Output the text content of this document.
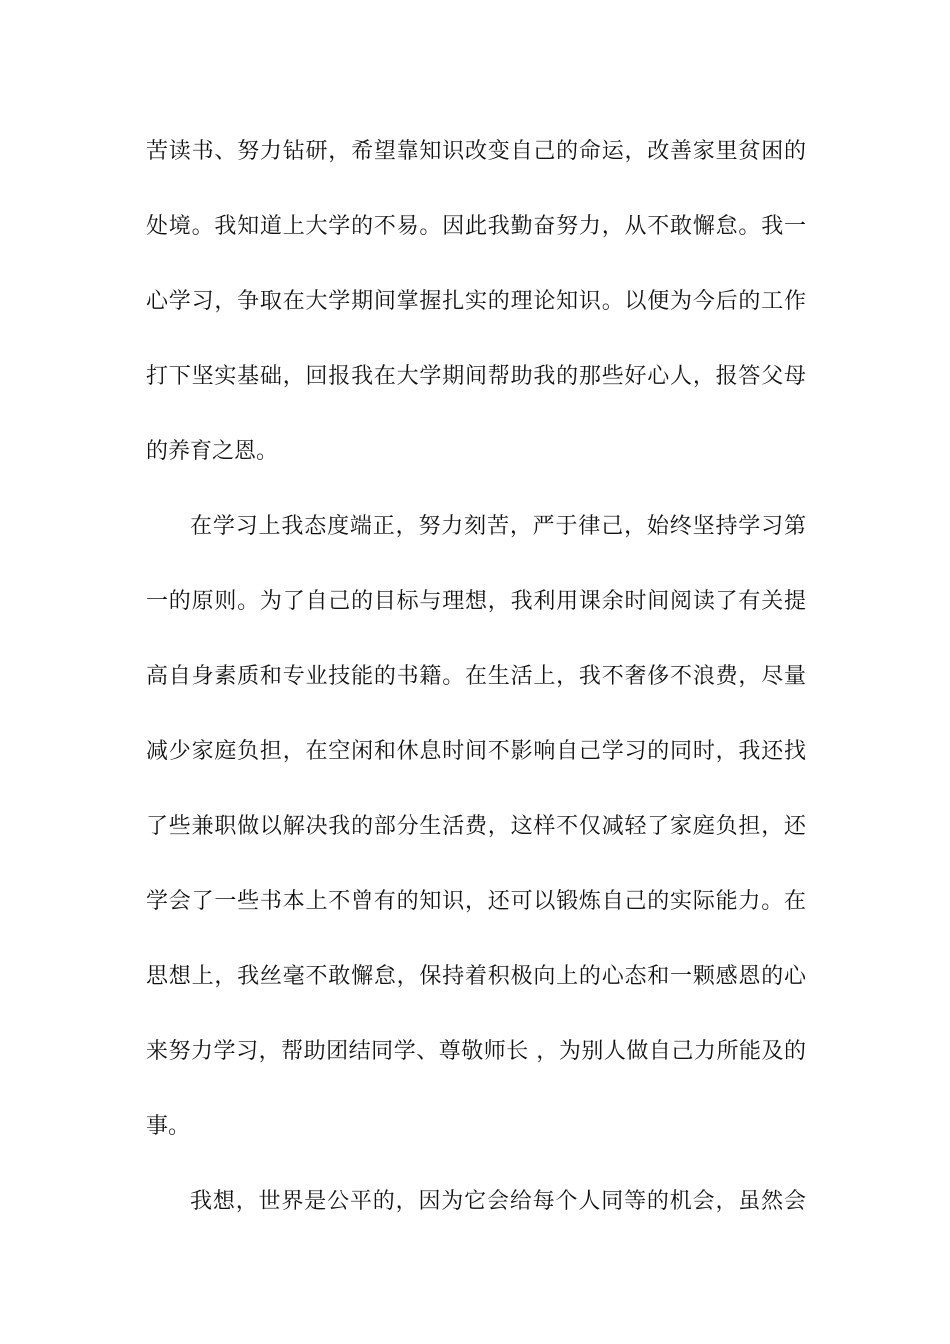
苦读书、努力钻研，希望靠知识改变自己的命运，改善家里贫困的
处境。我知道上大学的不易。因此我勤奋努力，从不敢懈怠。我一
心学习，争取在大学期间掌握扎实的理论知识。以便为今后的工作
打下坚实基础，回报我在大学期间帮助我的那些好心人，报答父母
的养育之恩。
在学习上我态度端正，努力刻苦，严于律己，始终坚持学习第
一的原则。为了自己的目标与理想，我利用课余时间阅读了有关提
高自身素质和专业技能的书籍。在生活上，我不奢侈不浪费，尽量
减少家庭负担，在空闲和休息时间不影响自己学习的同时，我还找
了些兼职做以解决我的部分生活费，这样不仅减轻了家庭负担，还
学会了一些书本上不曾有的知识，还可以锻炼自己的实际能力。在
思想上，我丝毫不敢懈怠，保持着积极向上的心态和一颗感恩的心
来努力学习，帮助团结同学、尊敬师长 ，为别人做自己力所能及的
事。
我想，世界是公平的，因为它会给每个人同等的机会，虽然会
